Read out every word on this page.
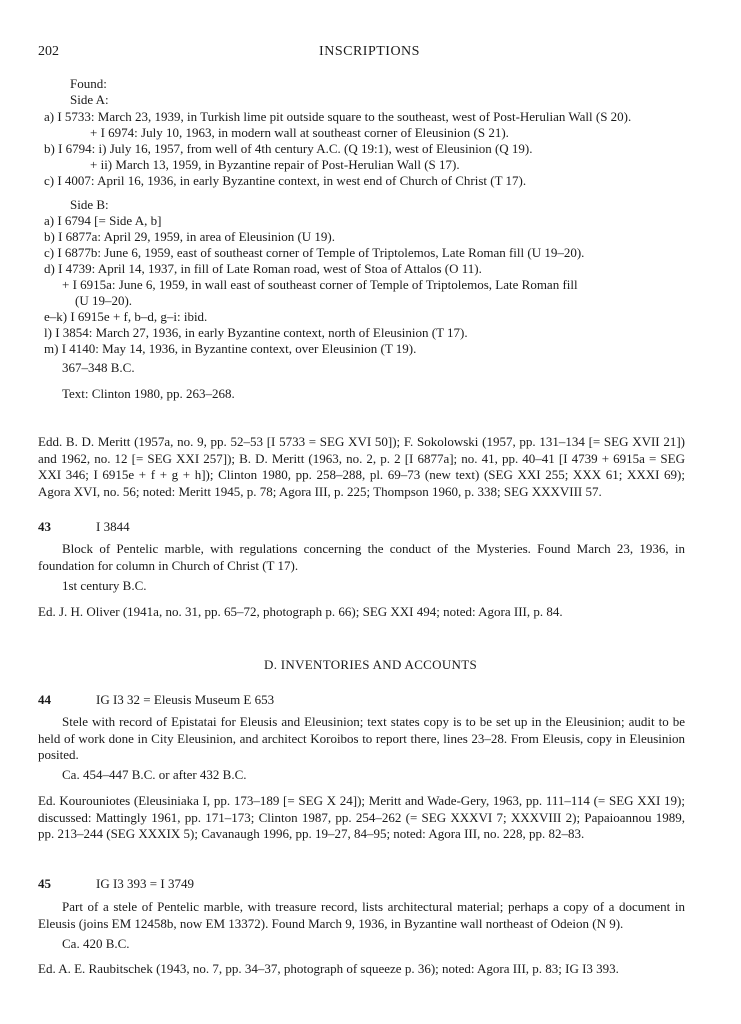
202	INSCRIPTIONS
Found:
Side A:
a) I 5733: March 23, 1939, in Turkish lime pit outside square to the southeast, west of Post-Herulian Wall (S 20).
+ I 6974: July 10, 1963, in modern wall at southeast corner of Eleusinion (S 21).
b) I 6794: i) July 16, 1957, from well of 4th century A.C. (Q 19:1), west of Eleusinion (Q 19).
+ ii) March 13, 1959, in Byzantine repair of Post-Herulian Wall (S 17).
c) I 4007: April 16, 1936, in early Byzantine context, in west end of Church of Christ (T 17).
Side B:
a) I 6794 [= Side A, b]
b) I 6877a: April 29, 1959, in area of Eleusinion (U 19).
c) I 6877b: June 6, 1959, east of southeast corner of Temple of Triptolemos, Late Roman fill (U 19–20).
d) I 4739: April 14, 1937, in fill of Late Roman road, west of Stoa of Attalos (O 11).
+ I 6915a: June 6, 1959, in wall east of southeast corner of Temple of Triptolemos, Late Roman fill
(U 19–20).
e–k) I 6915e + f, b–d, g–i: ibid.
l) I 3854: March 27, 1936, in early Byzantine context, north of Eleusinion (T 17).
m) I 4140: May 14, 1936, in Byzantine context, over Eleusinion (T 19).
367–348 B.C.
Text: Clinton 1980, pp. 263–268.
Edd. B. D. Meritt (1957a, no. 9, pp. 52–53 [I 5733 = SEG XVI 50]); F. Sokolowski (1957, pp. 131–134 [= SEG XVII 21]) and 1962, no. 12 [= SEG XXI 257]); B. D. Meritt (1963, no. 2, p. 2 [I 6877a]; no. 41, pp. 40–41 [I 4739 + 6915a = SEG XXI 346; I 6915e + f + g + h]); Clinton 1980, pp. 258–288, pl. 69–73 (new text) (SEG XXI 255; XXX 61; XXXI 69); Agora XVI, no. 56; noted: Meritt 1945, p. 78; Agora III, p. 225; Thompson 1960, p. 338; SEG XXXVIII 57.
43	I 3844
Block of Pentelic marble, with regulations concerning the conduct of the Mysteries. Found March 23, 1936, in foundation for column in Church of Christ (T 17).
1st century B.C.
Ed. J. H. Oliver (1941a, no. 31, pp. 65–72, photograph p. 66); SEG XXI 494; noted: Agora III, p. 84.
D. INVENTORIES AND ACCOUNTS
44	IG I3 32 = Eleusis Museum E 653
Stele with record of Epistatai for Eleusis and Eleusinion; text states copy is to be set up in the Eleusinion; audit to be held of work done in City Eleusinion, and architect Koroibos to report there, lines 23–28. From Eleusis, copy in Eleusinion posited.
Ca. 454–447 B.C. or after 432 B.C.
Ed. Kourouniotes (Eleusiniaka I, pp. 173–189 [= SEG X 24]); Meritt and Wade-Gery, 1963, pp. 111–114 (= SEG XXI 19); discussed: Mattingly 1961, pp. 171–173; Clinton 1987, pp. 254–262 (= SEG XXXVI 7; XXXVIII 2); Papaioannou 1989, pp. 213–244 (SEG XXXIX 5); Cavanaugh 1996, pp. 19–27, 84–95; noted: Agora III, no. 228, pp. 82–83.
45	IG I3 393 = I 3749
Part of a stele of Pentelic marble, with treasure record, lists architectural material; perhaps a copy of a document in Eleusis (joins EM 12458b, now EM 13372). Found March 9, 1936, in Byzantine wall northeast of Odeion (N 9).
Ca. 420 B.C.
Ed. A. E. Raubitschek (1943, no. 7, pp. 34–37, photograph of squeeze p. 36); noted: Agora III, p. 83; IG I3 393.
